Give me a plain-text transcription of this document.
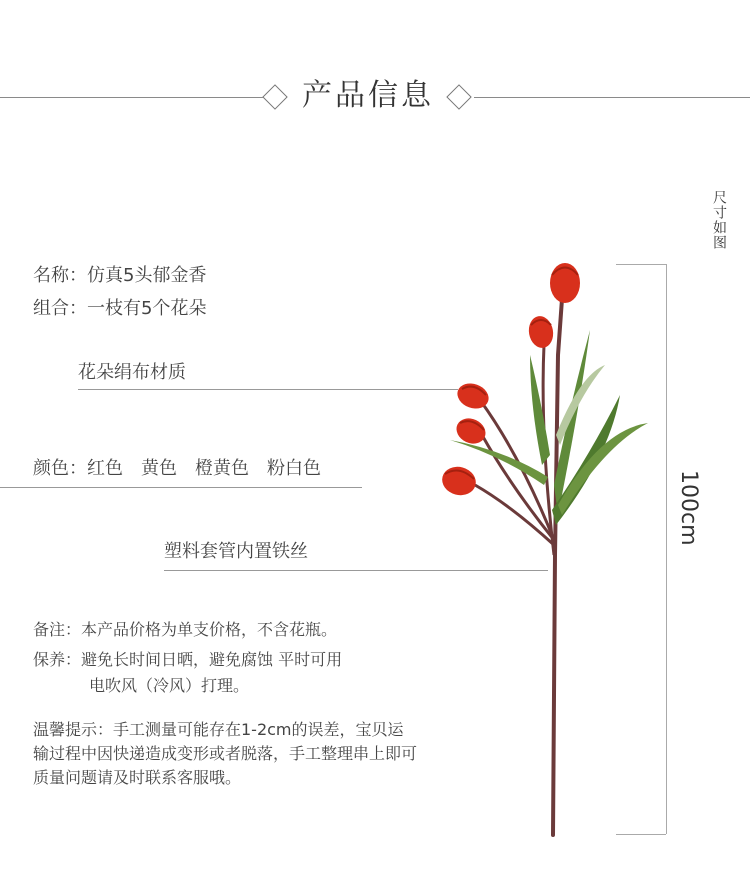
产品信息
尺寸如图
100cm
名称：仿真5头郁金香
组合：一枝有5个花朵
花朵绢布材质
颜色：红色　黄色　橙黄色　粉白色
塑料套管内置铁丝
备注：本产品价格为单支价格，不含花瓶。
保养：避免长时间日晒，避免腐蚀 平时可用
电吹风（冷风）打理。
温馨提示：手工测量可能存在1-2cm的误差，宝贝运
输过程中因快递造成变形或者脱落，手工整理串上即可
质量问题请及时联系客服哦。
